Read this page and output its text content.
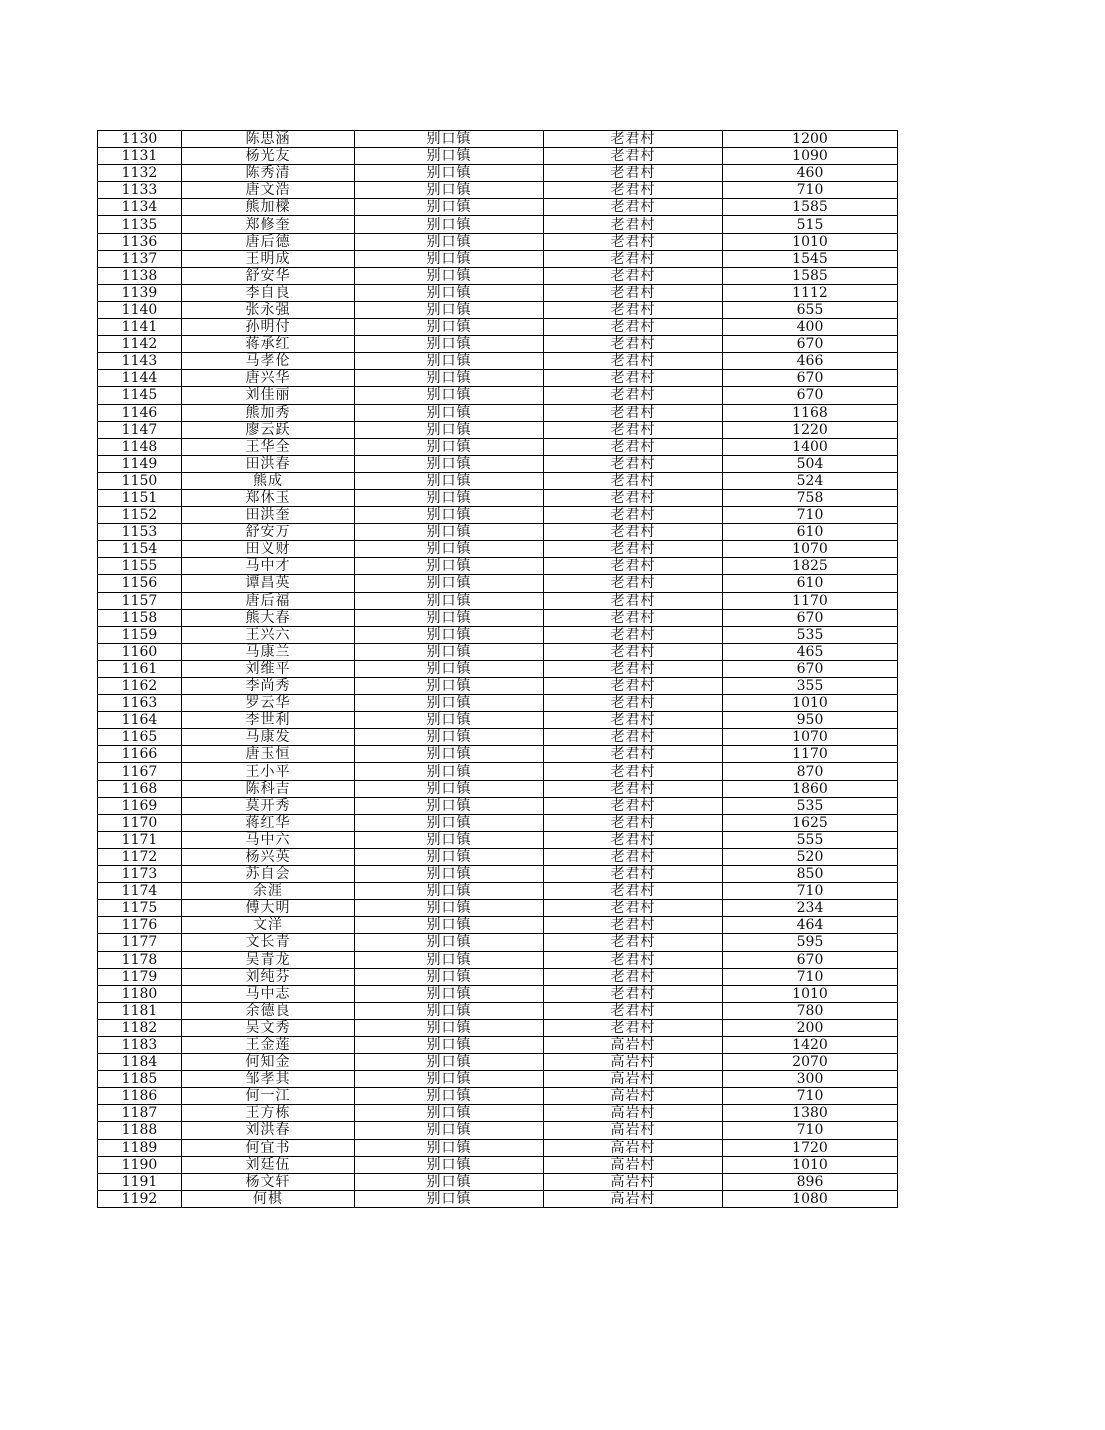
1130	陈思涵	别口镇	老君村	1200
1131	杨光友	别口镇	老君村	1090
1132	陈秀清	别口镇	老君村	460
1133	唐文浩	别口镇	老君村	710
1134	熊加樑	别口镇	老君村	1585
1135	郑修奎	别口镇	老君村	515
1136	唐后德	别口镇	老君村	1010
1137	王明成	别口镇	老君村	1545
1138	舒安华	别口镇	老君村	1585
1139	李自良	别口镇	老君村	1112
1140	张永强	别口镇	老君村	655
1141	孙明付	别口镇	老君村	400
1142	蒋承红	别口镇	老君村	670
1143	马孝伦	别口镇	老君村	466
1144	唐兴华	别口镇	老君村	670
1145	刘佳丽	别口镇	老君村	670
1146	熊加秀	别口镇	老君村	1168
1147	廖云跃	别口镇	老君村	1220
1148	王华全	别口镇	老君村	1400
1149	田洪春	别口镇	老君村	504
1150	熊成	别口镇	老君村	524
1151	郑休玉	别口镇	老君村	758
1152	田洪奎	别口镇	老君村	710
1153	舒安万	别口镇	老君村	610
1154	田义财	别口镇	老君村	1070
1155	马中才	别口镇	老君村	1825
1156	谭昌英	别口镇	老君村	610
1157	唐后福	别口镇	老君村	1170
1158	熊大春	别口镇	老君村	670
1159	王兴六	别口镇	老君村	535
1160	马康兰	别口镇	老君村	465
1161	刘维平	别口镇	老君村	670
1162	李尚秀	别口镇	老君村	355
1163	罗云华	别口镇	老君村	1010
1164	李世利	别口镇	老君村	950
1165	马康发	别口镇	老君村	1070
1166	唐玉恒	别口镇	老君村	1170
1167	王小平	别口镇	老君村	870
1168	陈科吉	别口镇	老君村	1860
1169	莫开秀	别口镇	老君村	535
1170	蒋红华	别口镇	老君村	1625
1171	马中六	别口镇	老君村	555
1172	杨兴英	别口镇	老君村	520
1173	苏自会	别口镇	老君村	850
1174	余涯	别口镇	老君村	710
1175	傅大明	别口镇	老君村	234
1176	文洋	别口镇	老君村	464
1177	文长青	别口镇	老君村	595
1178	吴青龙	别口镇	老君村	670
1179	刘纯芬	别口镇	老君村	710
1180	马中志	别口镇	老君村	1010
1181	余德良	别口镇	老君村	780
1182	吴文秀	别口镇	老君村	200
1183	王金莲	别口镇	高岩村	1420
1184	何知金	别口镇	高岩村	2070
1185	邹孝其	别口镇	高岩村	300
1186	何一江	别口镇	高岩村	710
1187	王方栋	别口镇	高岩村	1380
1188	刘洪春	别口镇	高岩村	710
1189	何宜书	别口镇	高岩村	1720
1190	刘廷伍	别口镇	高岩村	1010
1191	杨文轩	别口镇	高岩村	896
1192	何棋	别口镇	高岩村	1080
